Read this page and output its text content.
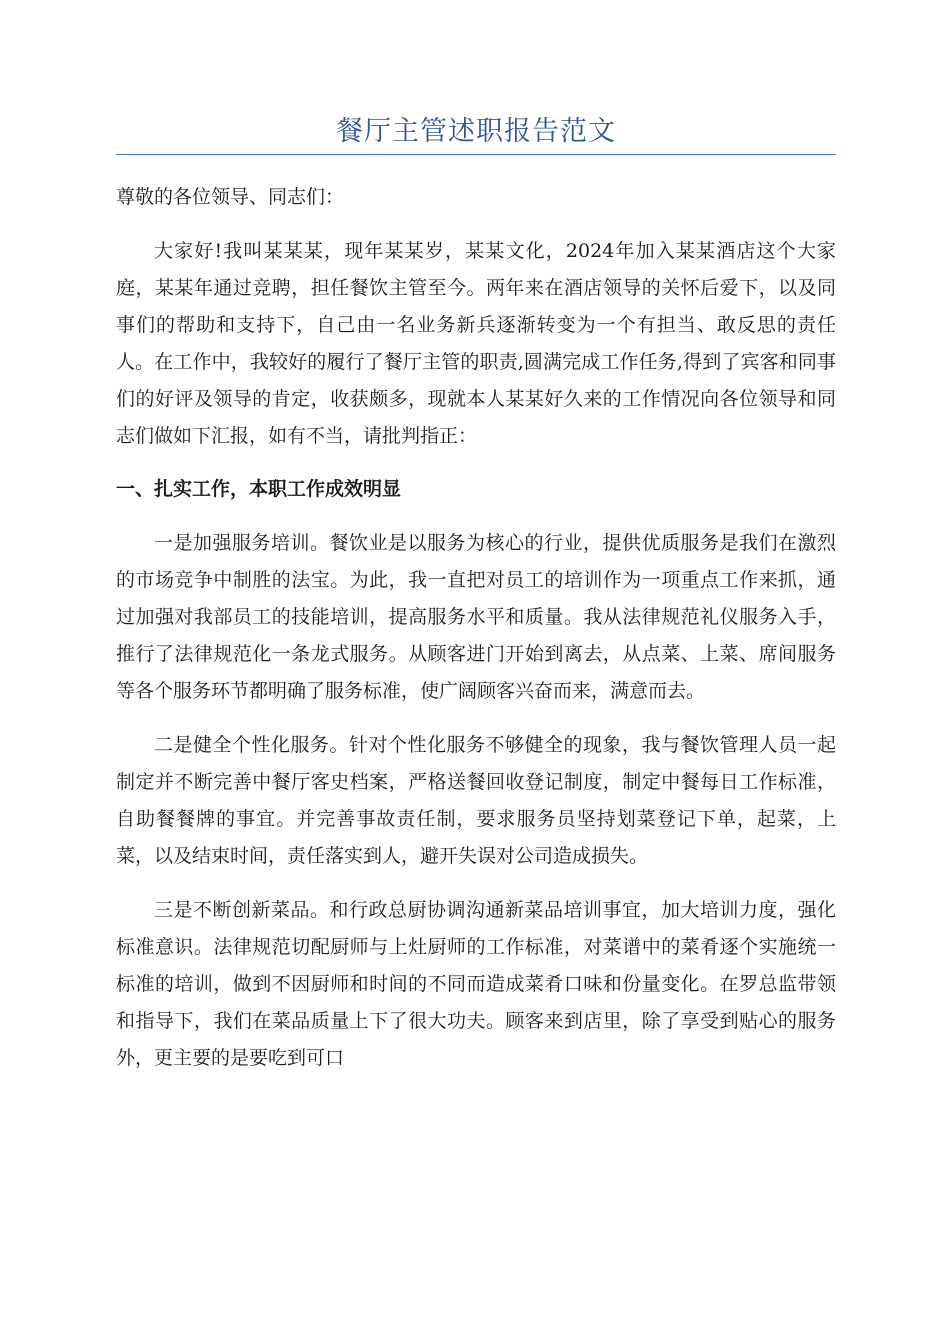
餐厅主管述职报告范文

尊敬的各位领导、同志们：

大家好!我叫某某某，现年某某岁，某某文化，2024年加入某某酒店这个大家庭，某某年通过竞聘，担任餐饮主管至今。两年来在酒店领导的关怀后爱下，以及同事们的帮助和支持下，自己由一名业务新兵逐渐转变为一个有担当、敢反思的责任人。在工作中，我较好的履行了餐厅主管的职责,圆满完成工作任务,得到了宾客和同事们的好评及领导的肯定，收获颇多，现就本人某某好久来的工作情况向各位领导和同志们做如下汇报，如有不当，请批判指正：

一、扎实工作，本职工作成效明显

一是加强服务培训。餐饮业是以服务为核心的行业，提供优质服务是我们在激烈的市场竞争中制胜的法宝。为此，我一直把对员工的培训作为一项重点工作来抓，通过加强对我部员工的技能培训，提高服务水平和质量。我从法律规范礼仪服务入手，推行了法律规范化一条龙式服务。从顾客进门开始到离去，从点菜、上菜、席间服务等各个服务环节都明确了服务标准，使广阔顾客兴奋而来，满意而去。

二是健全个性化服务。针对个性化服务不够健全的现象，我与餐饮管理人员一起制定并不断完善中餐厅客史档案，严格送餐回收登记制度，制定中餐每日工作标准，自助餐餐牌的事宜。并完善事故责任制，要求服务员坚持划菜登记下单，起菜，上菜，以及结束时间，责任落实到人，避开失误对公司造成损失。

三是不断创新菜品。和行政总厨协调沟通新菜品培训事宜，加大培训力度，强化标准意识。法律规范切配厨师与上灶厨师的工作标准，对菜谱中的菜肴逐个实施统一标准的培训，做到不因厨师和时间的不同而造成菜肴口味和份量变化。在罗总监带领和指导下，我们在菜品质量上下了很大功夫。顾客来到店里，除了享受到贴心的服务外，更主要的是要吃到可口
